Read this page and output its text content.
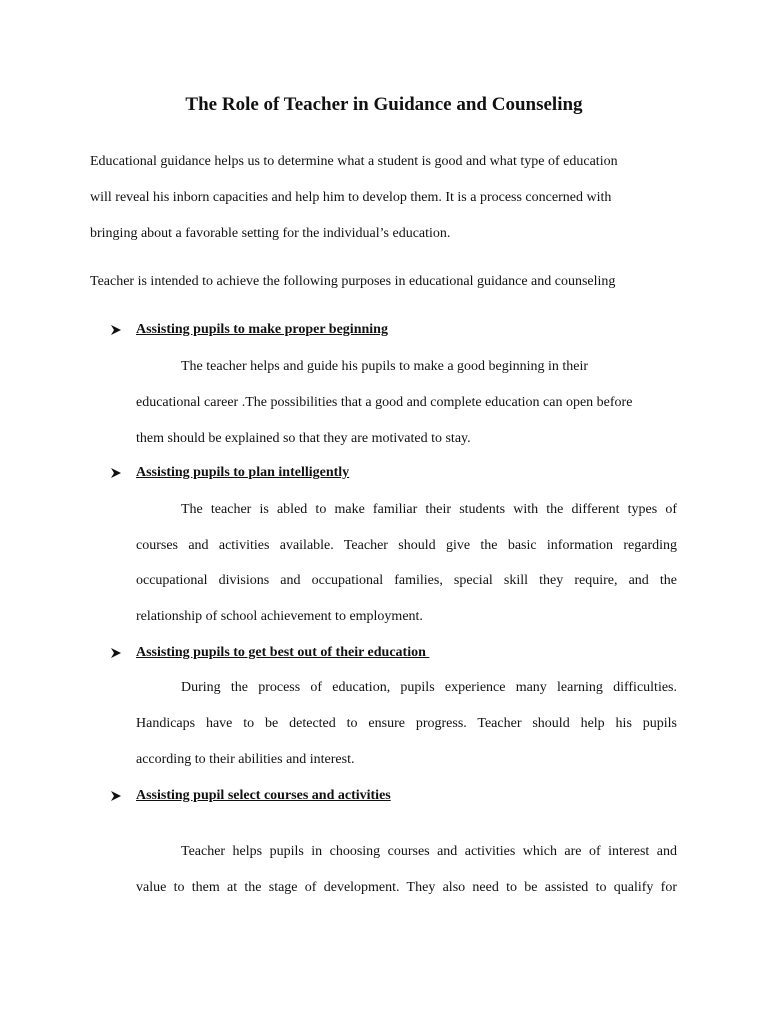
The Role of Teacher in Guidance and Counseling
Educational guidance helps us to determine what a student is good and what type of education
will reveal his inborn capacities and help him to develop them. It is a process concerned with
bringing about a favorable setting for the individual’s education.
Teacher is intended to achieve the following purposes in educational guidance and counseling
Assisting pupils to make proper beginning
The teacher helps and guide his pupils to make a good beginning in their
educational career .The possibilities that a good and complete education can open before
them should be explained so that they are motivated to stay.
Assisting pupils to plan intelligently
The teacher is abled to make familiar their students with the different types of
courses and activities available. Teacher should give the basic information regarding
occupational divisions and occupational families, special skill they require, and the
relationship of school achievement to employment.
Assisting pupils to get best out of their education
During the process of education, pupils experience many learning difficulties.
Handicaps have to be detected to ensure progress. Teacher should help his pupils
according to their abilities and interest.
Assisting pupil select courses and activities
Teacher helps pupils in choosing courses and activities which are of interest and
value to them at the stage of development. They also need to be assisted to qualify for
